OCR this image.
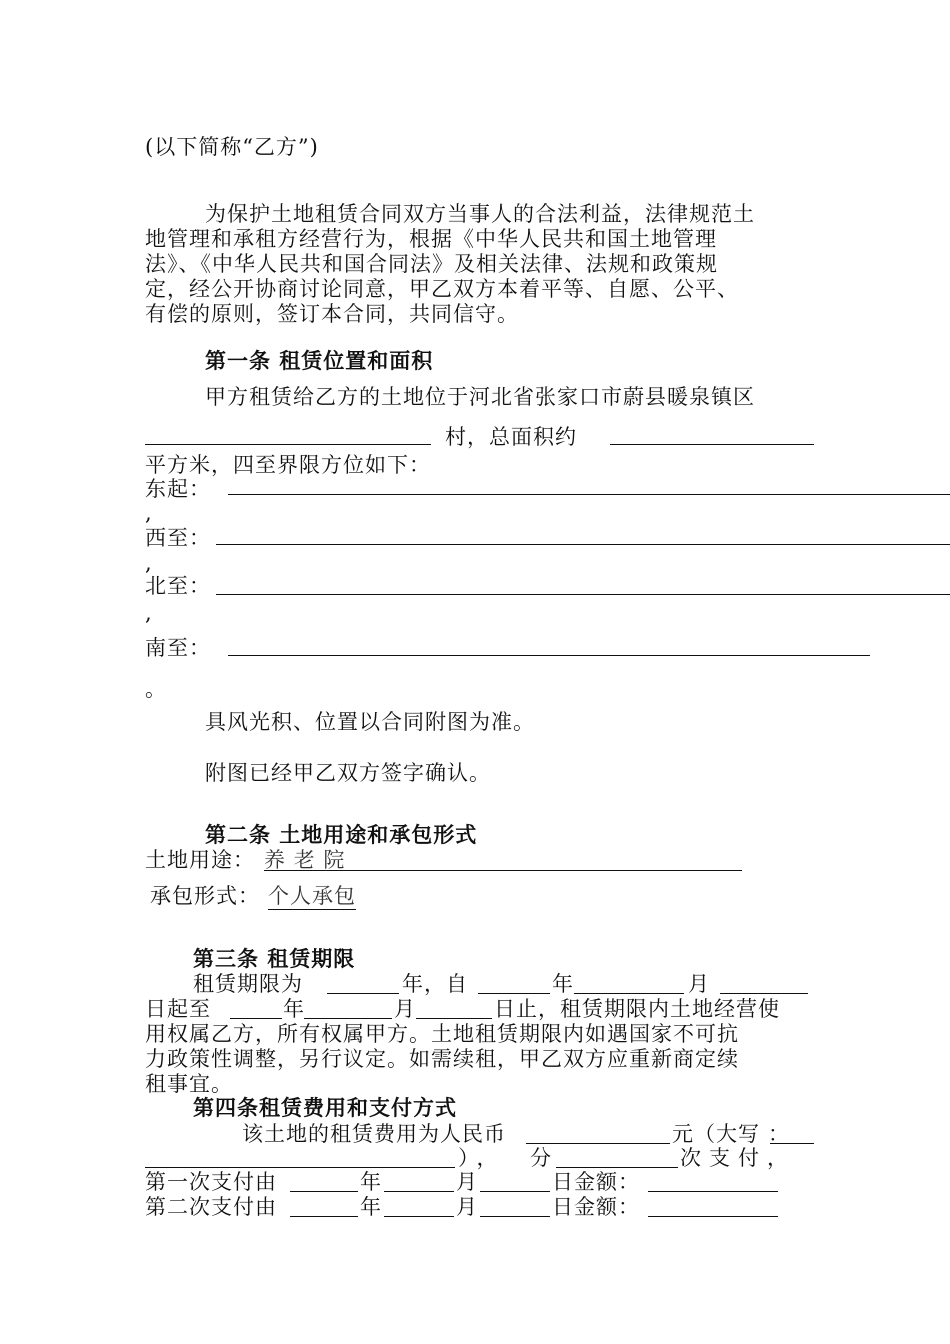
(以下简称“乙方”)
为保护土地租赁合同双方当事人的合法利益，法律规范土
地管理和承租方经营行为，根据《中华人民共和国土地管理
法》、《中华人民共和国合同法》及相关法律、法规和政策规
定，经公开协商讨论同意，甲乙双方本着平等、自愿、公平、
有偿的原则，签订本合同，共同信守。
第一条 租赁位置和面积
甲方租赁给乙方的土地位于河北省张家口市蔚县暖泉镇区
村，总面积约
平方米，四至界限方位如下：
东起：
,
西至：
,
北至：
,
南至：
。
具风光积、位置以合同附图为准。
附图已经甲乙双方签字确认。
第二条 土地用途和承包形式
土地用途： 养 老 院
承包形式： 个人承包
第三条 租赁期限
租赁期限为	年，自	年	月
日起至	年	月	日止，租赁期限内土地经营使
用权属乙方，所有权属甲方。土地租赁期限内如遇国家不可抗
力政策性调整，另行议定。如需续租，甲乙双方应重新商定续
租事宜。
第四条租赁费用和支付方式
该土地的租赁费用为人民币	元（大写 ：
）， 分	次支付，
第一次支付由	年	月	日金额：
第二次支付由	年	月	日金额：
